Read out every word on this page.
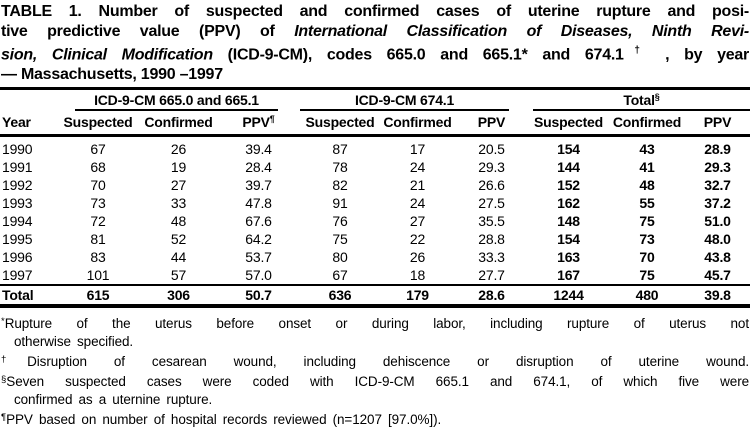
TABLE 1. Number of suspected and confirmed cases of uterine rupture and posi-
tive predictive value (PPV) of International Classification of Diseases, Ninth Revi-
sion, Clinical Modification (ICD-9-CM), codes 665.0 and 665.1* and 674.1† , by year
— Massachusetts, 1990 –1997

	ICD-9-CM 665.0 and 665.1			ICD-9-CM 674.1			Total§

Year	Suspected	Confirmed	PPV¶	Suspected	Confirmed	PPV	Suspected	Confirmed	PPV
1990	67	26	39.4	87	17	20.5	154	43	28.9
1991	68	19	28.4	78	24	29.3	144	41	29.3
1992	70	27	39.7	82	21	26.6	152	48	32.7
1993	73	33	47.8	91	24	27.5	162	55	37.2
1994	72	48	67.6	76	27	35.5	148	75	51.0
1995	81	52	64.2	75	22	28.8	154	73	48.0
1996	83	44	53.7	80	26	33.3	163	70	43.8
1997	101	57	57.0	67	18	27.7	167	75	45.7
Total	615	306	50.7	636	179	28.6	1244	480	39.8
*Rupture of the uterus before onset or during labor, including rupture of uterus not
otherwise specified.
†Disruption of cesarean wound, including dehiscence or disruption of uterine wound.
§Seven suspected cases were coded with ICD-9-CM 665.1 and 674.1, of which five were
confirmed as a uternine rupture.
¶PPV based on number of hospital records reviewed (n=1207 [97.0%]).
